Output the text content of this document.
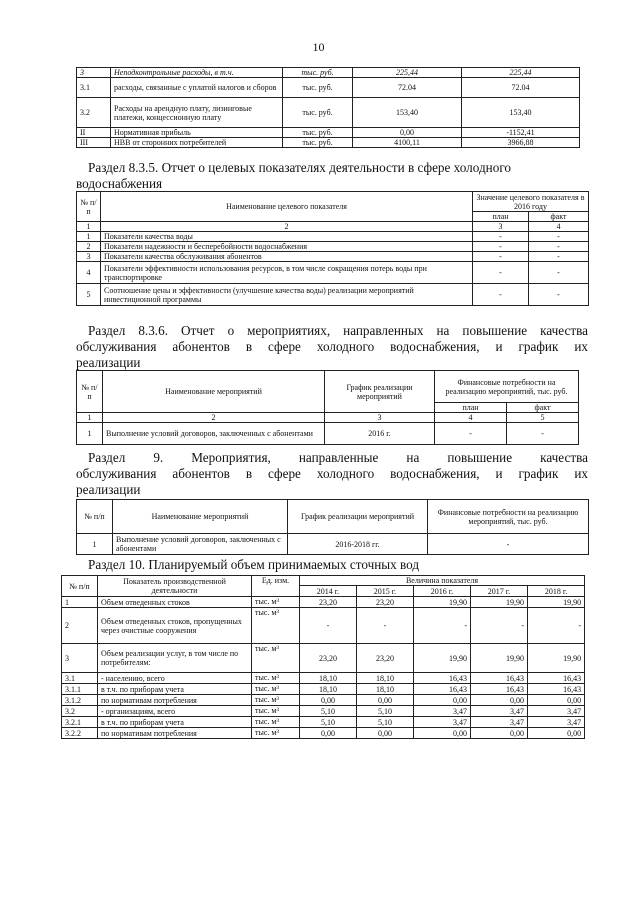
10
3	Неподконтрольные расходы, в т.ч.	тыс. руб.	225,44	225,44
3.1	расходы, связанные с уплатой налогов и сборов	тыс. руб.	72.04	72.04
3.2	Расходы на арендную плату, лизинговые платежи, концессионную плату	тыс. руб.	153,40	153,40
II	Нормативная прибыль	тыс. руб.	0,00	-1152,41
III	НВВ от сторонних потребителей	тыс. руб.	4100,11	3966,88
Раздел 8.3.5. Отчет о целевых показателях деятельности в сфере холодного
водоснабжения
№ п/п	Наименование целевого показателя	Значение целевого показателя в 2016 году	
		план	факт
1	2	3	4
1	Показатели качества воды	-	-
2	Показатели надежности и бесперебойности водоснабжения	-	-
3	Показатели качества обслуживания абонентов	-	-
4	Показатели эффективности использования ресурсов, в том числе сокращения потерь воды при транспортировке	-	-
5	Соотношение цены и эффективности (улучшение качества воды) реализации мероприятий инвестиционной программы	-	-
Раздел 8.3.6. Отчет о мероприятиях, направленных на повышение качества
обслуживания абонентов в сфере холодного водоснабжения, и график их
реализации
№ п/п	Наименование мероприятий	График реализации мероприятий	Финансовые потребности на реализацию мероприятий, тыс. руб.	
			план	факт
1	2	3	4	5
1	Выполнение условий договоров, заключенных с абонентами	2016 г.	-	-
Раздел 9. Мероприятия, направленные на повышение качества
обслуживания абонентов в сфере холодного водоснабжения, и график их
реализации
№ п/п	Наименование мероприятий	График реализации мероприятий	Финансовые потребности на реализацию мероприятий, тыс. руб.
1	Выполнение условий договоров, заключенных с абонентами	2016-2018 гг.	-
Раздел 10. Планируемый объем принимаемых сточных вод
№ п/п	Показатель производственной деятельности	Ед. изм.	Величина показателя				
			2014 г.	2015 г.	2016 г.	2017 г.	2018 г.
1	Объем отведенных стоков	тыс. м³	23,20	23,20	19,90	19,90	19,90
2	Объем отведенных стоков, пропущенных через очистные сооружения	тыс. м³	-	-	-	-	-
3	Объем реализации услуг, в том числе по потребителям:	тыс. м³	23,20	23,20	19,90	19,90	19,90
3.1	- населению, всего	тыс. м³	18,10	18,10	16,43	16,43	16,43
3.1.1	в т.ч. по приборам учета	тыс. м³	18,10	18,10	16,43	16,43	16,43
3.1.2	по нормативам потребления	тыс. м³	0,00	0,00	0,00	0,00	0,00
3.2	- организациям, всего	тыс. м³	5,10	5,10	3,47	3,47	3,47
3.2.1	в т.ч. по приборам учета	тыс. м³	5,10	5,10	3,47	3,47	3,47
3.2.2	по нормативам потребления	тыс. м³	0,00	0,00	0,00	0,00	0,00
